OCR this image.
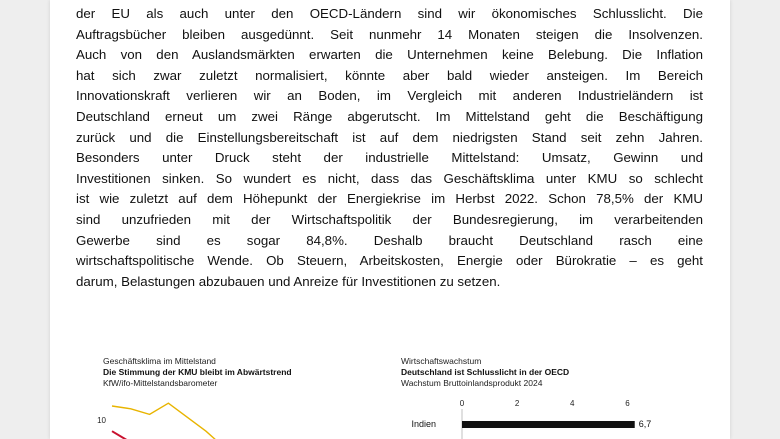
der EU als auch unter den OECD-Ländern sind wir ökonomisches Schlusslicht. Die
Auftragsbücher bleiben ausgedünnt. Seit nunmehr 14 Monaten steigen die Insolvenzen.
Auch von den Auslandsmärkten erwarten die Unternehmen keine Belebung. Die Inflation
hat sich zwar zuletzt normalisiert, könnte aber bald wieder ansteigen. Im Bereich
Innovationskraft verlieren wir an Boden, im Vergleich mit anderen Industrieländern ist
Deutschland erneut um zwei Ränge abgerutscht. Im Mittelstand geht die Beschäftigung
zurück und die Einstellungsbereitschaft ist auf dem niedrigsten Stand seit zehn Jahren.
Besonders unter Druck steht der industrielle Mittelstand: Umsatz, Gewinn und
Investitionen sinken. So wundert es nicht, dass das Geschäftsklima unter KMU so schlecht
ist wie zuletzt auf dem Höhepunkt der Energiekrise im Herbst 2022. Schon 78,5% der KMU
sind unzufrieden mit der Wirtschaftspolitik der Bundesregierung, im verarbeitenden
Gewerbe sind es sogar 84,8%. Deshalb braucht Deutschland rasch eine
wirtschaftspolitische Wende. Ob Steuern, Arbeitskosten, Energie oder Bürokratie – es geht
darum, Belastungen abzubauen und Anreize für Investitionen zu setzen.
Geschäftsklima im Mittelstand
Die Stimmung der KMU bleibt im Abwärtstrend
KfW/ifo-Mittelstandsbarometer
10
Wirtschaftswachstum
Deutschland ist Schlusslicht in der OECD
Wachstum Bruttoinlandsprodukt 2024
0	2	4	6
Indien	6,7
